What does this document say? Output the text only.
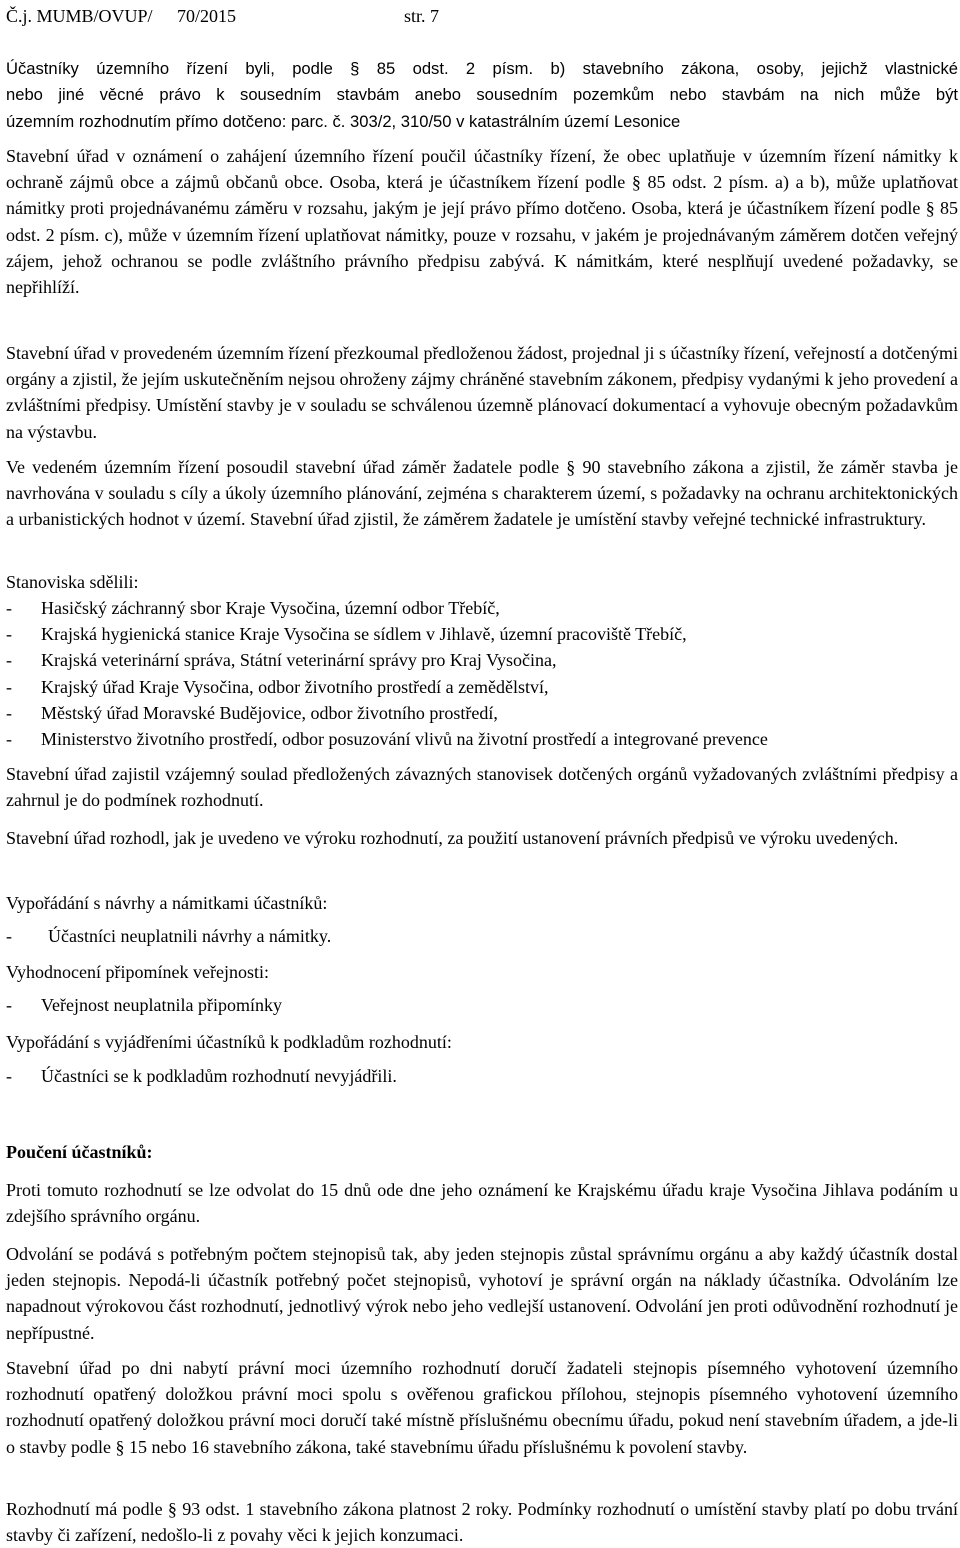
Č.j. MUMB/OVUP/ 70/2015	str. 7
Účastníky územního řízení byli, podle § 85 odst. 2 písm. b) stavebního zákona, osoby, jejichž vlastnické
nebo jiné věcné právo k sousedním stavbám anebo sousedním pozemkům nebo stavbám na nich může být
územním rozhodnutím přímo dotčeno: parc. č. 303/2, 310/50 v katastrálním území Lesonice

Stavební úřad v oznámení o zahájení územního řízení poučil účastníky řízení, že obec uplatňuje v územním řízení námitky k ochraně zájmů obce a zájmů občanů obce. Osoba, která je účastníkem řízení podle § 85 odst. 2 písm. a) a b), může uplatňovat námitky proti projednávanému záměru v rozsahu, jakým je její právo přímo dotčeno. Osoba, která je účastníkem řízení podle § 85 odst. 2 písm. c), může v územním řízení uplatňovat námitky, pouze v rozsahu, v jakém je projednávaným záměrem dotčen veřejný zájem, jehož ochranou se podle zvláštního právního předpisu zabývá. K námitkám, které nesplňují uvedené požadavky, se nepřihlíží.

Stavební úřad v provedeném územním řízení přezkoumal předloženou žádost, projednal ji s účastníky řízení, veřejností a dotčenými orgány a zjistil, že jejím uskutečněním nejsou ohroženy zájmy chráněné stavebním zákonem, předpisy vydanými k jeho provedení a zvláštními předpisy. Umístění stavby je v souladu se schválenou územně plánovací dokumentací a vyhovuje obecným požadavkům na výstavbu.

Ve vedeném územním řízení posoudil stavební úřad záměr žadatele podle § 90 stavebního zákona a zjistil, že záměr stavba je navrhována v souladu s cíly a úkoly územního plánování, zejména s charakterem území, s požadavky na ochranu architektonických a urbanistických hodnot v území. Stavební úřad zjistil, že záměrem žadatele je umístění stavby veřejné technické infrastruktury.

Stanoviska sdělili:

- Hasičský záchranný sbor Kraje Vysočina, územní odbor Třebíč,
- Krajská hygienická stanice Kraje Vysočina se sídlem v Jihlavě, územní pracoviště Třebíč,
- Krajská veterinární správa, Státní veterinární správy pro Kraj Vysočina,
- Krajský úřad Kraje Vysočina, odbor životního prostředí a zemědělství,
- Městský úřad Moravské Budějovice, odbor životního prostředí,
- Ministerstvo životního prostředí, odbor posuzování vlivů na životní prostředí a integrované prevence

Stavební úřad zajistil vzájemný soulad předložených závazných stanovisek dotčených orgánů vyžadovaných zvláštními předpisy a zahrnul je do podmínek rozhodnutí.

Stavební úřad rozhodl, jak je uvedeno ve výroku rozhodnutí, za použití ustanovení právních předpisů ve výroku uvedených.

Vypořádání s návrhy a námitkami účastníků:

- Účastníci neuplatnili návrhy a námitky.

Vyhodnocení připomínek veřejnosti:

- Veřejnost neuplatnila připomínky

Vypořádání s vyjádřeními účastníků k podkladům rozhodnutí:

- Účastníci se k podkladům rozhodnutí nevyjádřili.

Poučení účastníků:

Proti tomuto rozhodnutí se lze odvolat do 15 dnů ode dne jeho oznámení ke Krajskému úřadu kraje Vysočina Jihlava podáním u zdejšího správního orgánu.

Odvolání se podává s potřebným počtem stejnopisů tak, aby jeden stejnopis zůstal správnímu orgánu a aby každý účastník dostal jeden stejnopis. Nepodá-li účastník potřebný počet stejnopisů, vyhotoví je správní orgán na náklady účastníka. Odvoláním lze napadnout výrokovou část rozhodnutí, jednotlivý výrok nebo jeho vedlejší ustanovení. Odvolání jen proti odůvodnění rozhodnutí je nepřípustné.

Stavební úřad po dni nabytí právní moci územního rozhodnutí doručí žadateli stejnopis písemného vyhotovení územního rozhodnutí opatřený doložkou právní moci spolu s ověřenou grafickou přílohou, stejnopis písemného vyhotovení územního rozhodnutí opatřený doložkou právní moci doručí také místně příslušnému obecnímu úřadu, pokud není stavebním úřadem, a jde-li o stavby podle § 15 nebo 16 stavebního zákona, také stavebnímu úřadu příslušnému k povolení stavby.

Rozhodnutí má podle § 93 odst. 1 stavebního zákona platnost 2 roky. Podmínky rozhodnutí o umístění stavby platí po dobu trvání stavby či zařízení, nedošlo-li z povahy věci k jejich konzumaci.
